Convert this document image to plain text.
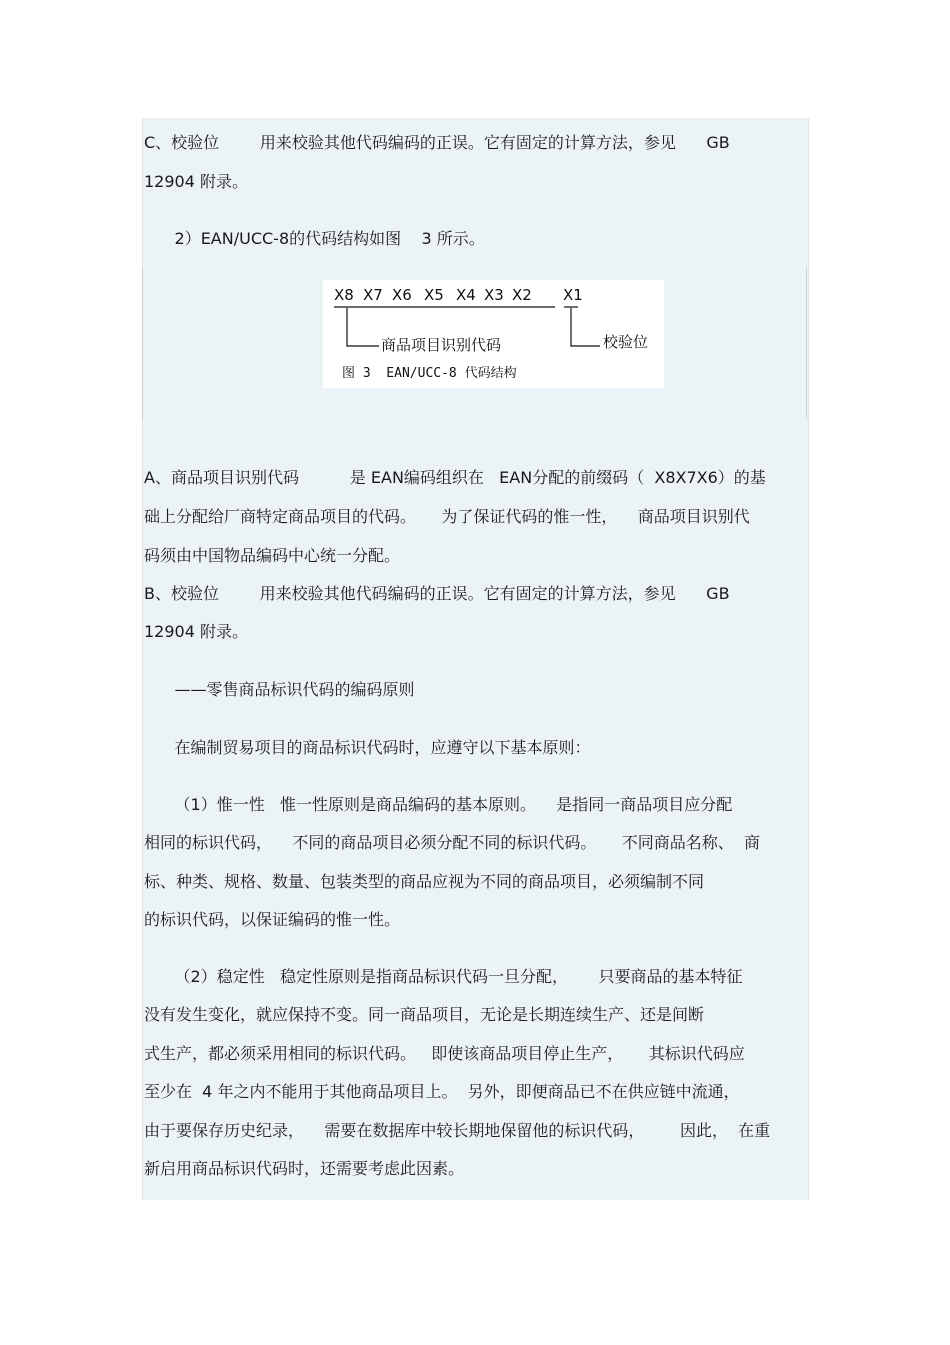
C、校验位        用来校验其他代码编码的正误。它有固定的计算方法，参见      GB
12904 附录。
2）EAN/UCC-8的代码结构如图    3 所示。
X8 X7 X6 X5 X4 X3 X2 X1
商品项目识别代码	校验位
图 3  EAN/UCC-8 代码结构
A、商品项目识别代码          是 EAN编码组织在   EAN分配的前缀码（  X8X7X6）的基
础上分配给厂商特定商品项目的代码。     为了保证代码的惟一性，    商品项目识别代
码须由中国物品编码中心统一分配。
B、校验位        用来校验其他代码编码的正误。它有固定的计算方法，参见      GB
12904 附录。
——零售商品标识代码的编码原则
在编制贸易项目的商品标识代码时，应遵守以下基本原则：
（1）惟一性   惟一性原则是商品编码的基本原则。    是指同一商品项目应分配
相同的标识代码，    不同的商品项目必须分配不同的标识代码。     不同商品名称、  商
标、种类、规格、数量、包装类型的商品应视为不同的商品项目，必须编制不同
的标识代码，以保证编码的惟一性。
（2）稳定性   稳定性原则是指商品标识代码一旦分配，      只要商品的基本特征
没有发生变化，就应保持不变。同一商品项目，无论是长期连续生产、还是间断
式生产，都必须采用相同的标识代码。   即使该商品项目停止生产，     其标识代码应
至少在  4 年之内不能用于其他商品项目上。  另外，即便商品已不在供应链中流通，
由于要保存历史纪录，    需要在数据库中较长期地保留他的标识代码，       因此，  在重
新启用商品标识代码时，还需要考虑此因素。
